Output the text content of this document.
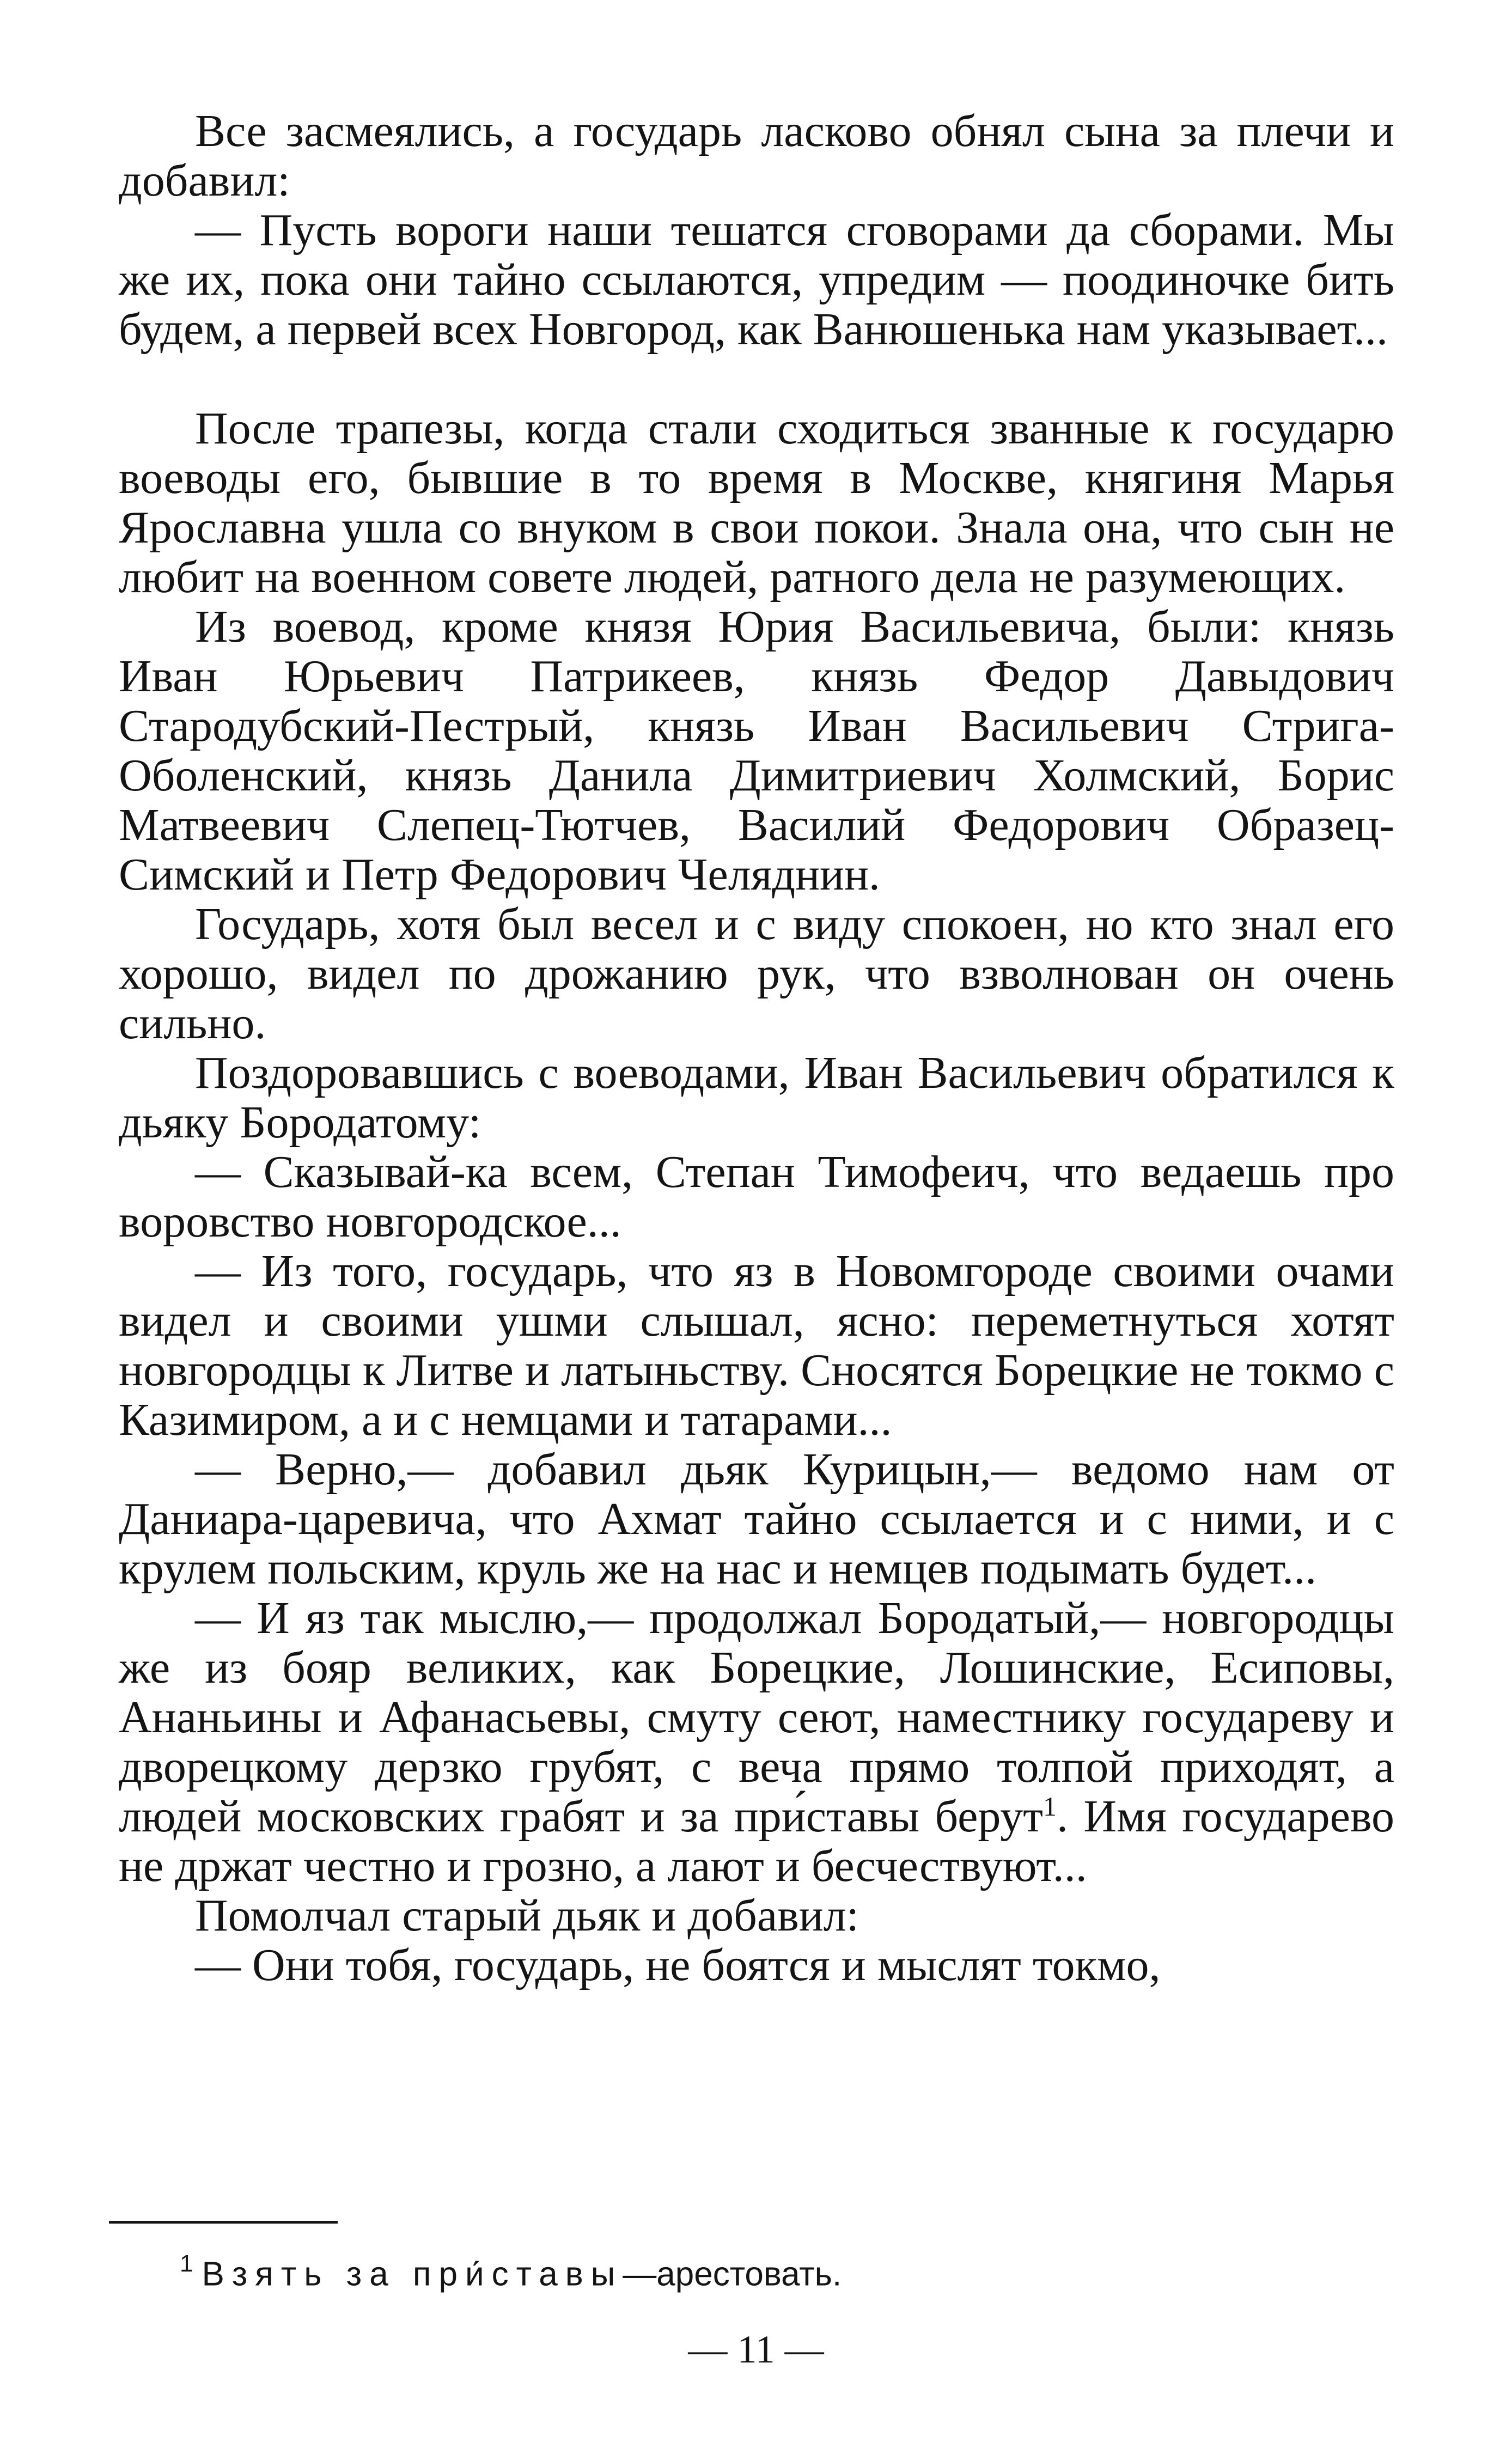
Все засмеялись, а государь ласково обнял сына за плечи и добавил:

— Пусть вороги наши тешатся сговорами да сборами. Мы же их, пока они тайно ссылаются, упредим — поодиночке бить будем, а первей всех Новгород, как Ванюшенька нам указывает...

После трапезы, когда стали сходиться званные к государю воеводы его, бывшие в то время в Москве, княгиня Марья Ярославна ушла со внуком в свои покои. Знала она, что сын не любит на военном совете людей, ратного дела не разумеющих.

Из воевод, кроме князя Юрия Васильевича, были: князь Иван Юрьевич Патрикеев, князь Федор Давыдович Стародубский-Пестрый, князь Иван Васильевич Стрига-Оболенский, князь Данила Димитриевич Холмский, Борис Матвеевич Слепец-Тютчев, Василий Федорович Образец-Симский и Петр Федорович Челяднин.

Государь, хотя был весел и с виду спокоен, но кто знал его хорошо, видел по дрожанию рук, что взволнован он очень сильно.

Поздоровавшись с воеводами, Иван Васильевич обратился к дьяку Бородатому:

— Сказывай-ка всем, Степан Тимофеич, что ведаешь про воровство новгородское...

— Из того, государь, что яз в Новомгороде своими очами видел и своими ушми слышал, ясно: переметнуться хотят новгородцы к Литве и латыньству. Сносятся Борецкие не токмо с Казимиром, а и с немцами и татарами...

— Верно,— добавил дьяк Курицын,— ведомо нам от Даниара-царевича, что Ахмат тайно ссылается и с ними, и с крулем польским, круль же на нас и немцев подымать будет...

— И яз так мыслю,— продолжал Бородатый,— новгородцы же из бояр великих, как Борецкие, Лошинские, Есиповы, Ананьины и Афанасьевы, смуту сеют, наместнику государеву и дворецкому дерзко грубят, с веча прямо толпой приходят, а людей московских грабят и за при́ставы берут$^1$. Имя государево не држат честно и грозно, а лают и бесчествуют...

Помолчал старый дьяк и добавил:

— Они тобя, государь, не боятся и мыслят токмо,

$^1$ Взять за при́ставы—арестовать.
— 11 —
